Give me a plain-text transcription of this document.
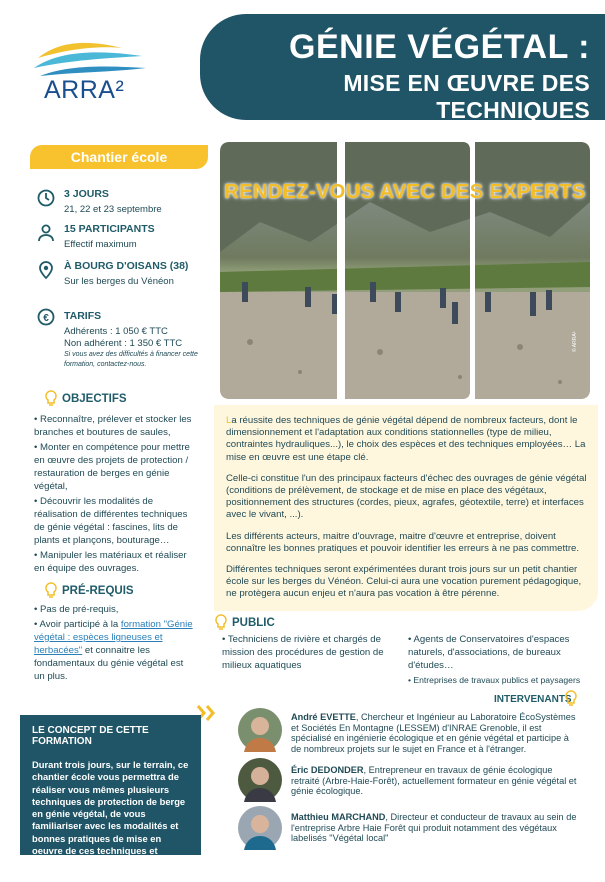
GÉNIE VÉGÉTAL :
MISE EN ŒUVRE DES TECHNIQUES
ARRA²
Chantier école
3 JOURS
21, 22 et 23 septembre
15 PARTICIPANTS
Effectif maximum
À BOURG D'OISANS (38)
Sur les berges du Vénéon
€ TARIFS
Adhérents : 1 050 € TTC
Non adhérent : 1 350 € TTC
Si vous avez des difficultés à financer cette
formation, contactez-nous.
RENDEZ-VOUS AVEC DES EXPERTS
© ARRA²

La réussite des techniques de génie végétal dépend de nombreux facteurs, dont le dimensionnement et l'adaptation aux conditions stationnelles (type de milieu, contraintes hydrauliques...), le choix des espèces et des techniques employées… La mise en œuvre est une étape clé.

Celle-ci constitue l'un des principaux facteurs d'échec des ouvrages de génie végétal (conditions de prélèvement, de stockage et de mise en place des végétaux, positionnement des structures (cordes, pieux, agrafes, géotextile, terre) et interfaces avec le vivant, ...).

Les différents acteurs, maitre d'ouvrage, maitre d'œuvre et entreprise, doivent connaître les bonnes pratiques et pouvoir identifier les erreurs à ne pas commettre.

Différentes techniques seront expérimentées durant trois jours sur un petit chantier école sur les berges du Vénéon. Celui-ci aura une vocation purement pédagogique, ne protègera aucun enjeu et n'aura pas vocation à être pérenne.

OBJECTIFS
• Reconnaître, prélever et stocker les branches et boutures de saules,
• Monter en compétence pour mettre en œuvre des projets de protection / restauration de berges en génie végétal,
• Découvrir les modalités de réalisation de différentes techniques de génie végétal : fascines, lits de plants et plançons, bouturage…
• Manipuler les matériaux et réaliser en équipe des ouvrages.
PRÉ-REQUIS
• Pas de pré-requis,
• Avoir participé à la formation "Génie végétal : espèces ligneuses et herbacées" et connaitre les fondamentaux du génie végétal est un plus.
PUBLIC
• Techniciens de rivière et chargés de mission des procédures de gestion de milieux aquatiques
• Agents de Conservatoires d'espaces naturels, d'associations, de bureaux d'études…
• Entreprises de travaux publics et paysagers
INTERVENANTS
André EVETTE, Chercheur et Ingénieur au Laboratoire ÉcoSystèmes et Sociétés En Montagne (LESSEM) d'INRAE Grenoble, il est spécialisé en ingénierie écologique et en génie végétal et participe à de nombreux projets sur le sujet en France et à l'étranger.
Éric DEDONDER, Entrepreneur en travaux de génie écologique retraité (Arbre-Haie-Forêt), actuellement formateur en génie végétal et génie écologique.
Matthieu MARCHAND, Directeur et conducteur de travaux au sein de l'entreprise Arbre Haie Forêt qui produit notamment des végétaux labelisés "Végétal local"
LE CONCEPT DE CETTE FORMATION
Durant trois jours, sur le terrain, ce chantier école vous permettra de réaliser vous mêmes plusieurs techniques de protection de berge en génie végétal, de vous familiariser avec les modalités et bonnes pratiques de mise en oeuvre de ces techniques et d'identifier les erreurs à ne pas commettre.
